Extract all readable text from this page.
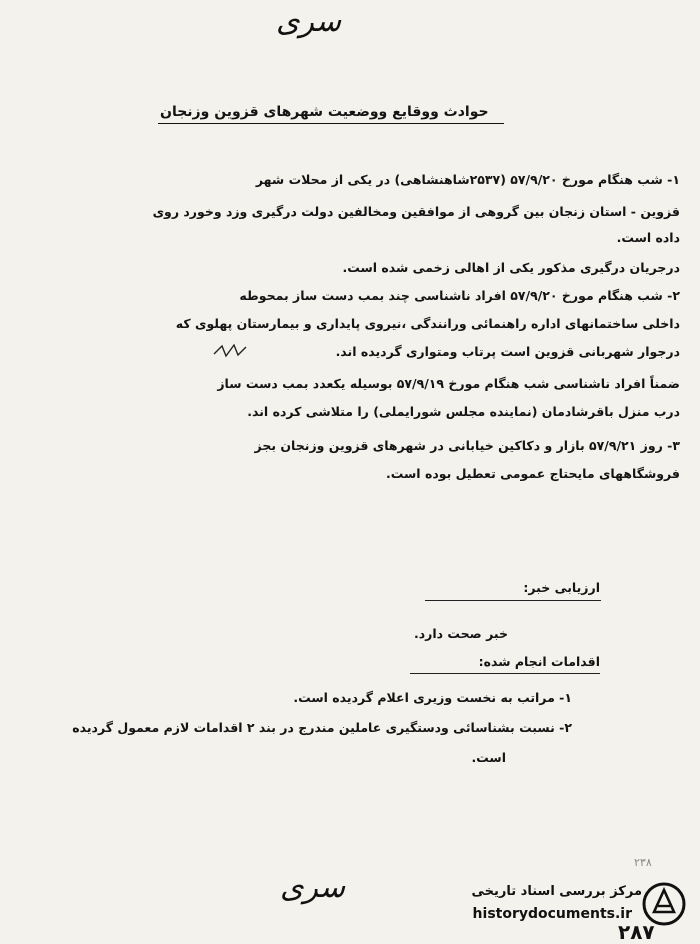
سری
حوادث ووقایع ووضعیت شهرهای قزوین وزنجان
۱- شب هنگام مورخ ۵۷/۹/۲۰ (۲۵۳۷شاهنشاهی) در یکی از محلات شهر
قزوین - استان زنجان بین گروهی از موافقین ومخالفین دولت درگیری وزد وخورد روی
داده است.
درجریان درگیری مذکور یکی از اهالی زخمی شده است.
۲- شب هنگام مورخ ۵۷/۹/۲۰ افراد ناشناسی چند بمب دست ساز بمحوطه
داخلی ساختمانهای اداره راهنمائی ورانندگی ،نیروی پایداری و بیمارستان پهلوی که
درجوار شهربانی قزوین است پرتاب ومتواری گردیده اند.
ضمناً افراد ناشناسی شب هنگام مورخ ۵۷/۹/۱۹ بوسیله یکعدد بمب دست ساز
درب منزل باقرشادمان (نماینده مجلس شورایملی) را متلاشی کرده اند.
۳- روز ۵۷/۹/۲۱ بازار و دکاکین خیابانی در شهرهای قزوین وزنجان بجز
فروشگاههای مایحتاج عمومی تعطیل بوده است.
ارزیابی خبر:
خبر صحت دارد.
اقدامات انجام شده:
۱- مراتب به نخست وزیری اعلام گردیده است.
۲- نسبت بشناسائی ودستگیری عاملین مندرج در بند ۲ اقدامات لازم معمول گردیده
است.
سری
۲۳۸
مرکز بررسی اسناد تاریخی
historydocuments.ir
۲۸۷
